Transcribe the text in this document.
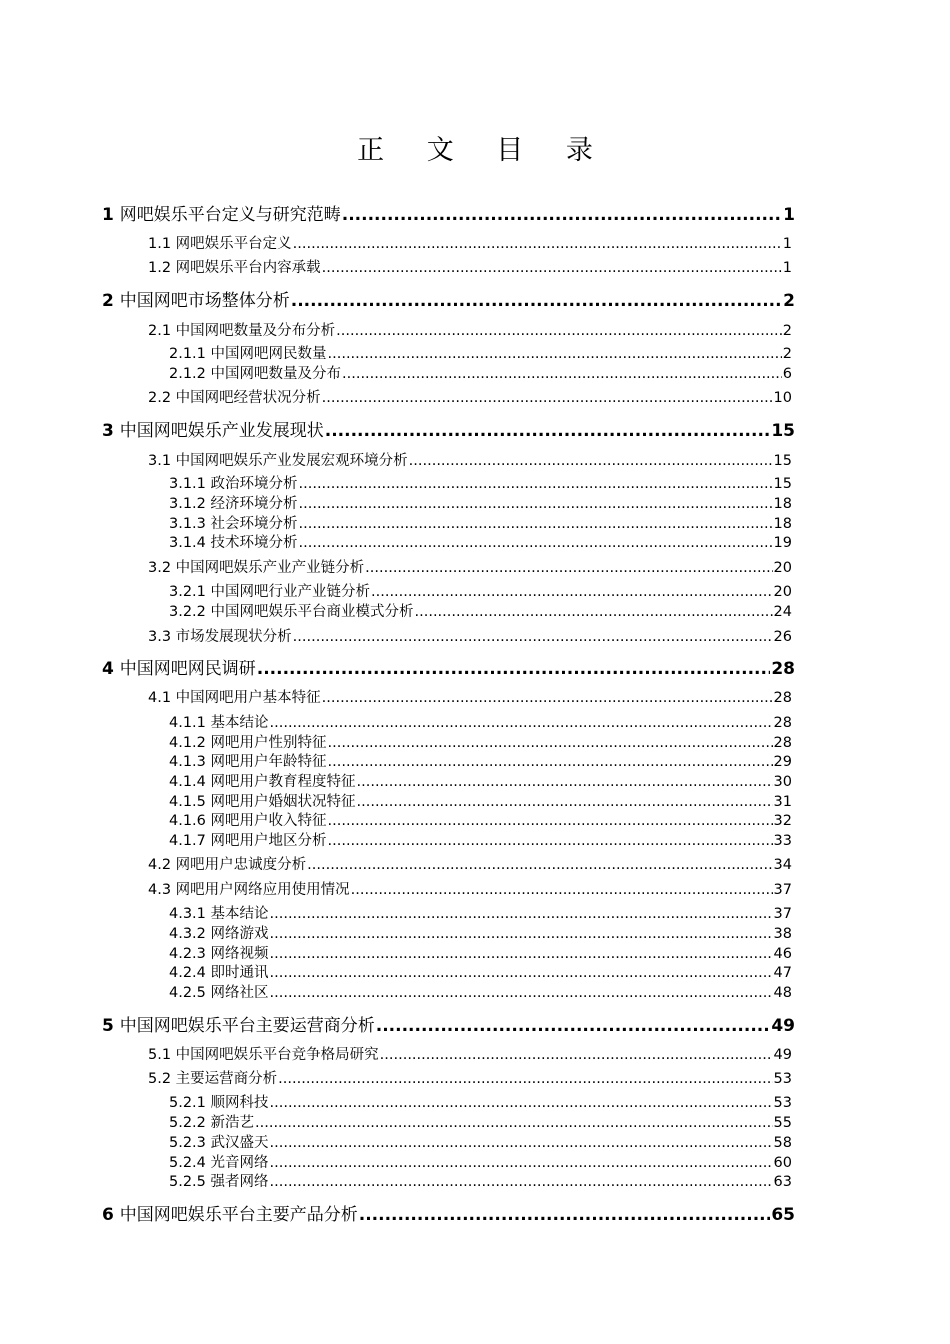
正 文 目 录
1 网吧娱乐平台定义与研究范畴 .....	1
1.1 网吧娱乐平台定义 .....	1
1.2 网吧娱乐平台内容承载 .....	1
2 中国网吧市场整体分析 .....	2
2.1 中国网吧数量及分布分析 .....	2
2.1.1 中国网吧网民数量 .....	2
2.1.2 中国网吧数量及分布 .....	6
2.2 中国网吧经营状况分析 .....	10
3 中国网吧娱乐产业发展现状 .....	15
3.1 中国网吧娱乐产业发展宏观环境分析 .....	15
3.1.1 政治环境分析 .....	15
3.1.2 经济环境分析 .....	18
3.1.3 社会环境分析 .....	18
3.1.4 技术环境分析 .....	19
3.2 中国网吧娱乐产业产业链分析 .....	20
3.2.1 中国网吧行业产业链分析 .....	20
3.2.2 中国网吧娱乐平台商业模式分析 .....	24
3.3 市场发展现状分析 .....	26
4 中国网吧网民调研 .....	28
4.1 中国网吧用户基本特征 .....	28
4.1.1 基本结论 .....	28
4.1.2 网吧用户性别特征 .....	28
4.1.3 网吧用户年龄特征 .....	29
4.1.4 网吧用户教育程度特征 .....	30
4.1.5 网吧用户婚姻状况特征 .....	31
4.1.6 网吧用户收入特征 .....	32
4.1.7 网吧用户地区分析 .....	33
4.2 网吧用户忠诚度分析 .....	34
4.3 网吧用户网络应用使用情况 .....	37
4.3.1 基本结论 .....	37
4.3.2 网络游戏 .....	38
4.2.3 网络视频 .....	46
4.2.4 即时通讯 .....	47
4.2.5 网络社区 .....	48
5 中国网吧娱乐平台主要运营商分析 .....	49
5.1 中国网吧娱乐平台竞争格局研究 .....	49
5.2 主要运营商分析 .....	53
5.2.1 顺网科技 .....	53
5.2.2 新浩艺 .....	55
5.2.3 武汉盛天 .....	58
5.2.4 光音网络 .....	60
5.2.5 强者网络 .....	63
6 中国网吧娱乐平台主要产品分析 .....	65
